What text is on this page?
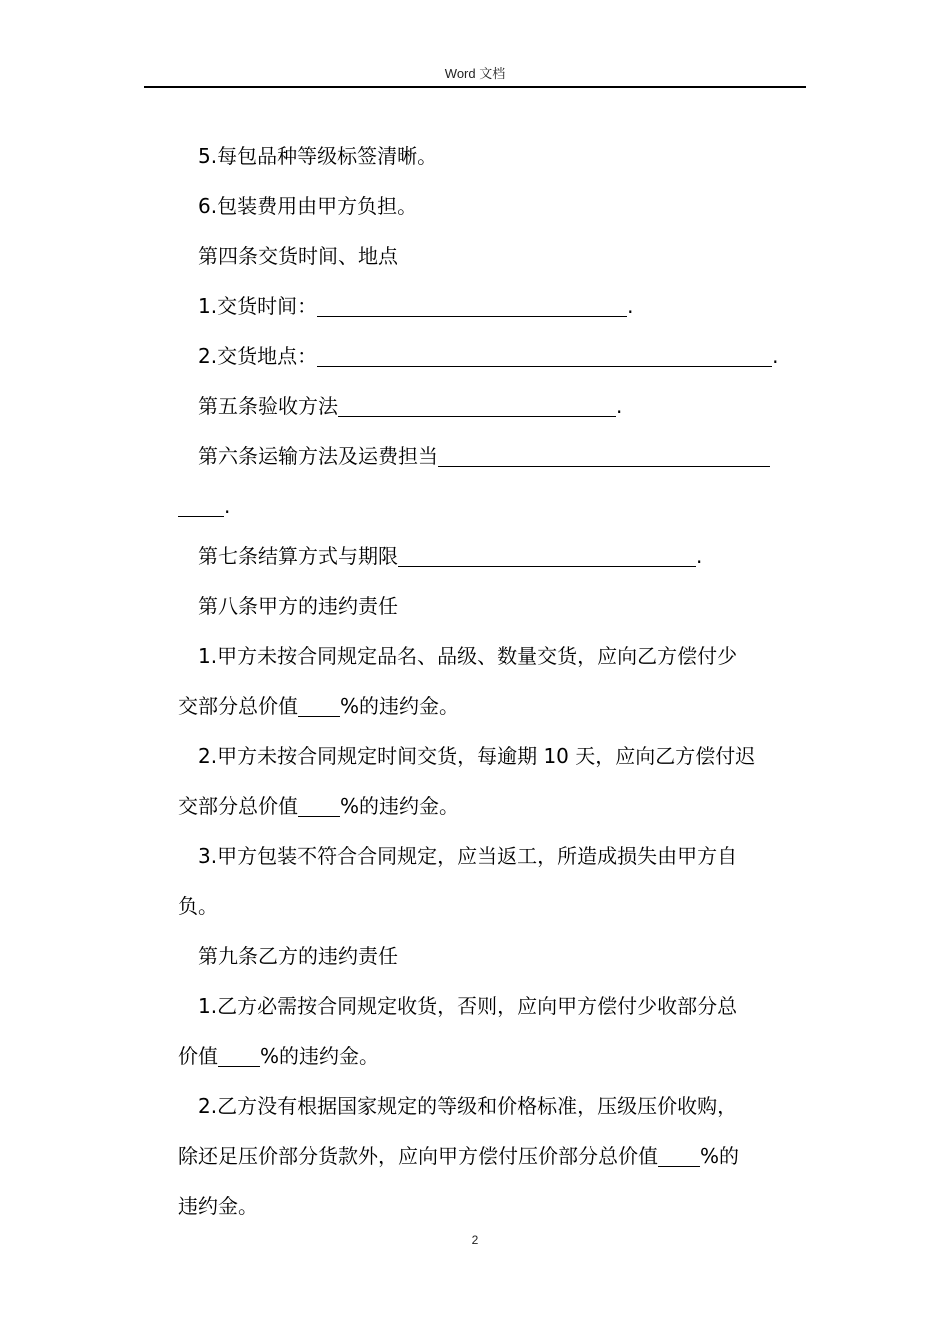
Word 文档

5.每包品种等级标签清晰。

6.包装费用由甲方负担。

第四条交货时间、地点

1.交货时间：	.

2.交货地点：	.

第五条验收方法	.

第六条运输方法及运费担当

.

第七条结算方式与期限	.

第八条甲方的违约责任

1.甲方未按合同规定品名、品级、数量交货，应向乙方偿付少

交部分总价值 %的违约金。

2.甲方未按合同规定时间交货，每逾期 10 天，应向乙方偿付迟

交部分总价值 %的违约金。

3.甲方包装不符合合同规定，应当返工，所造成损失由甲方自

负。

第九条乙方的违约责任

1.乙方必需按合同规定收货，否则，应向甲方偿付少收部分总

价值 %的违约金。

2.乙方没有根据国家规定的等级和价格标准，压级压价收购，

除还足压价部分货款外，应向甲方偿付压价部分总价值 %的

违约金。

2
